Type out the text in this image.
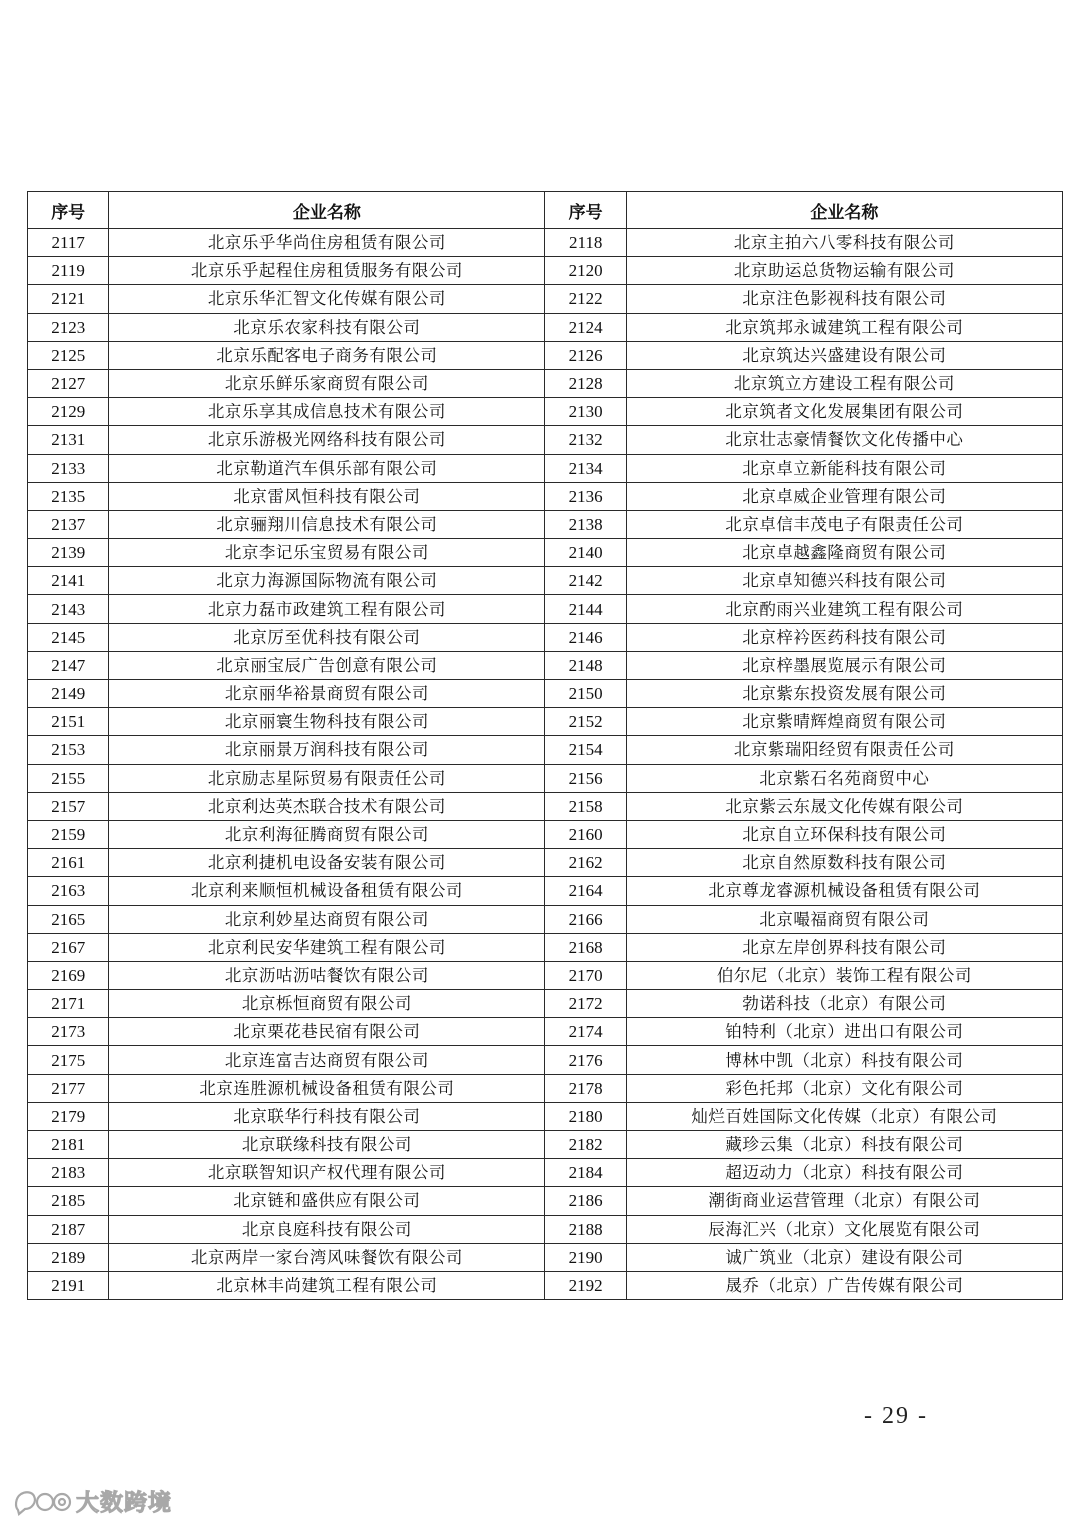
序号	企业名称	序号	企业名称
2117	北京乐乎华尚住房租赁有限公司	2118	北京主拍六八零科技有限公司
2119	北京乐乎起程住房租赁服务有限公司	2120	北京助运总货物运输有限公司
2121	北京乐华汇智文化传媒有限公司	2122	北京注色影视科技有限公司
2123	北京乐农家科技有限公司	2124	北京筑邦永诚建筑工程有限公司
2125	北京乐配客电子商务有限公司	2126	北京筑达兴盛建设有限公司
2127	北京乐鲜乐家商贸有限公司	2128	北京筑立方建设工程有限公司
2129	北京乐享其成信息技术有限公司	2130	北京筑者文化发展集团有限公司
2131	北京乐游极光网络科技有限公司	2132	北京壮志豪情餐饮文化传播中心
2133	北京勒道汽车俱乐部有限公司	2134	北京卓立新能科技有限公司
2135	北京雷风恒科技有限公司	2136	北京卓威企业管理有限公司
2137	北京骊翔川信息技术有限公司	2138	北京卓信丰茂电子有限责任公司
2139	北京李记乐宝贸易有限公司	2140	北京卓越鑫隆商贸有限公司
2141	北京力海源国际物流有限公司	2142	北京卓知德兴科技有限公司
2143	北京力磊市政建筑工程有限公司	2144	北京酌雨兴业建筑工程有限公司
2145	北京厉至优科技有限公司	2146	北京梓衿医药科技有限公司
2147	北京丽宝辰广告创意有限公司	2148	北京梓墨展览展示有限公司
2149	北京丽华裕景商贸有限公司	2150	北京紫东投资发展有限公司
2151	北京丽寰生物科技有限公司	2152	北京紫晴辉煌商贸有限公司
2153	北京丽景万润科技有限公司	2154	北京紫瑞阳经贸有限责任公司
2155	北京励志星际贸易有限责任公司	2156	北京紫石名苑商贸中心
2157	北京利达英杰联合技术有限公司	2158	北京紫云东晟文化传媒有限公司
2159	北京利海征腾商贸有限公司	2160	北京自立环保科技有限公司
2161	北京利捷机电设备安装有限公司	2162	北京自然原数科技有限公司
2163	北京利来顺恒机械设备租赁有限公司	2164	北京尊龙睿源机械设备租赁有限公司
2165	北京利妙星达商贸有限公司	2166	北京嘬福商贸有限公司
2167	北京利民安华建筑工程有限公司	2168	北京左岸创界科技有限公司
2169	北京沥咕沥咕餐饮有限公司	2170	伯尔尼（北京）装饰工程有限公司
2171	北京栎恒商贸有限公司	2172	勃诺科技（北京）有限公司
2173	北京栗花巷民宿有限公司	2174	铂特利（北京）进出口有限公司
2175	北京连富吉达商贸有限公司	2176	博林中凯（北京）科技有限公司
2177	北京连胜源机械设备租赁有限公司	2178	彩色托邦（北京）文化有限公司
2179	北京联华行科技有限公司	2180	灿烂百姓国际文化传媒（北京）有限公司
2181	北京联缘科技有限公司	2182	藏珍云集（北京）科技有限公司
2183	北京联智知识产权代理有限公司	2184	超迈动力（北京）科技有限公司
2185	北京链和盛供应有限公司	2186	潮街商业运营管理（北京）有限公司
2187	北京良庭科技有限公司	2188	辰海汇兴（北京）文化展览有限公司
2189	北京两岸一家台湾风味餐饮有限公司	2190	诚广筑业（北京）建设有限公司
2191	北京林丰尚建筑工程有限公司	2192	晟乔（北京）广告传媒有限公司
- 29 -
大数跨境
